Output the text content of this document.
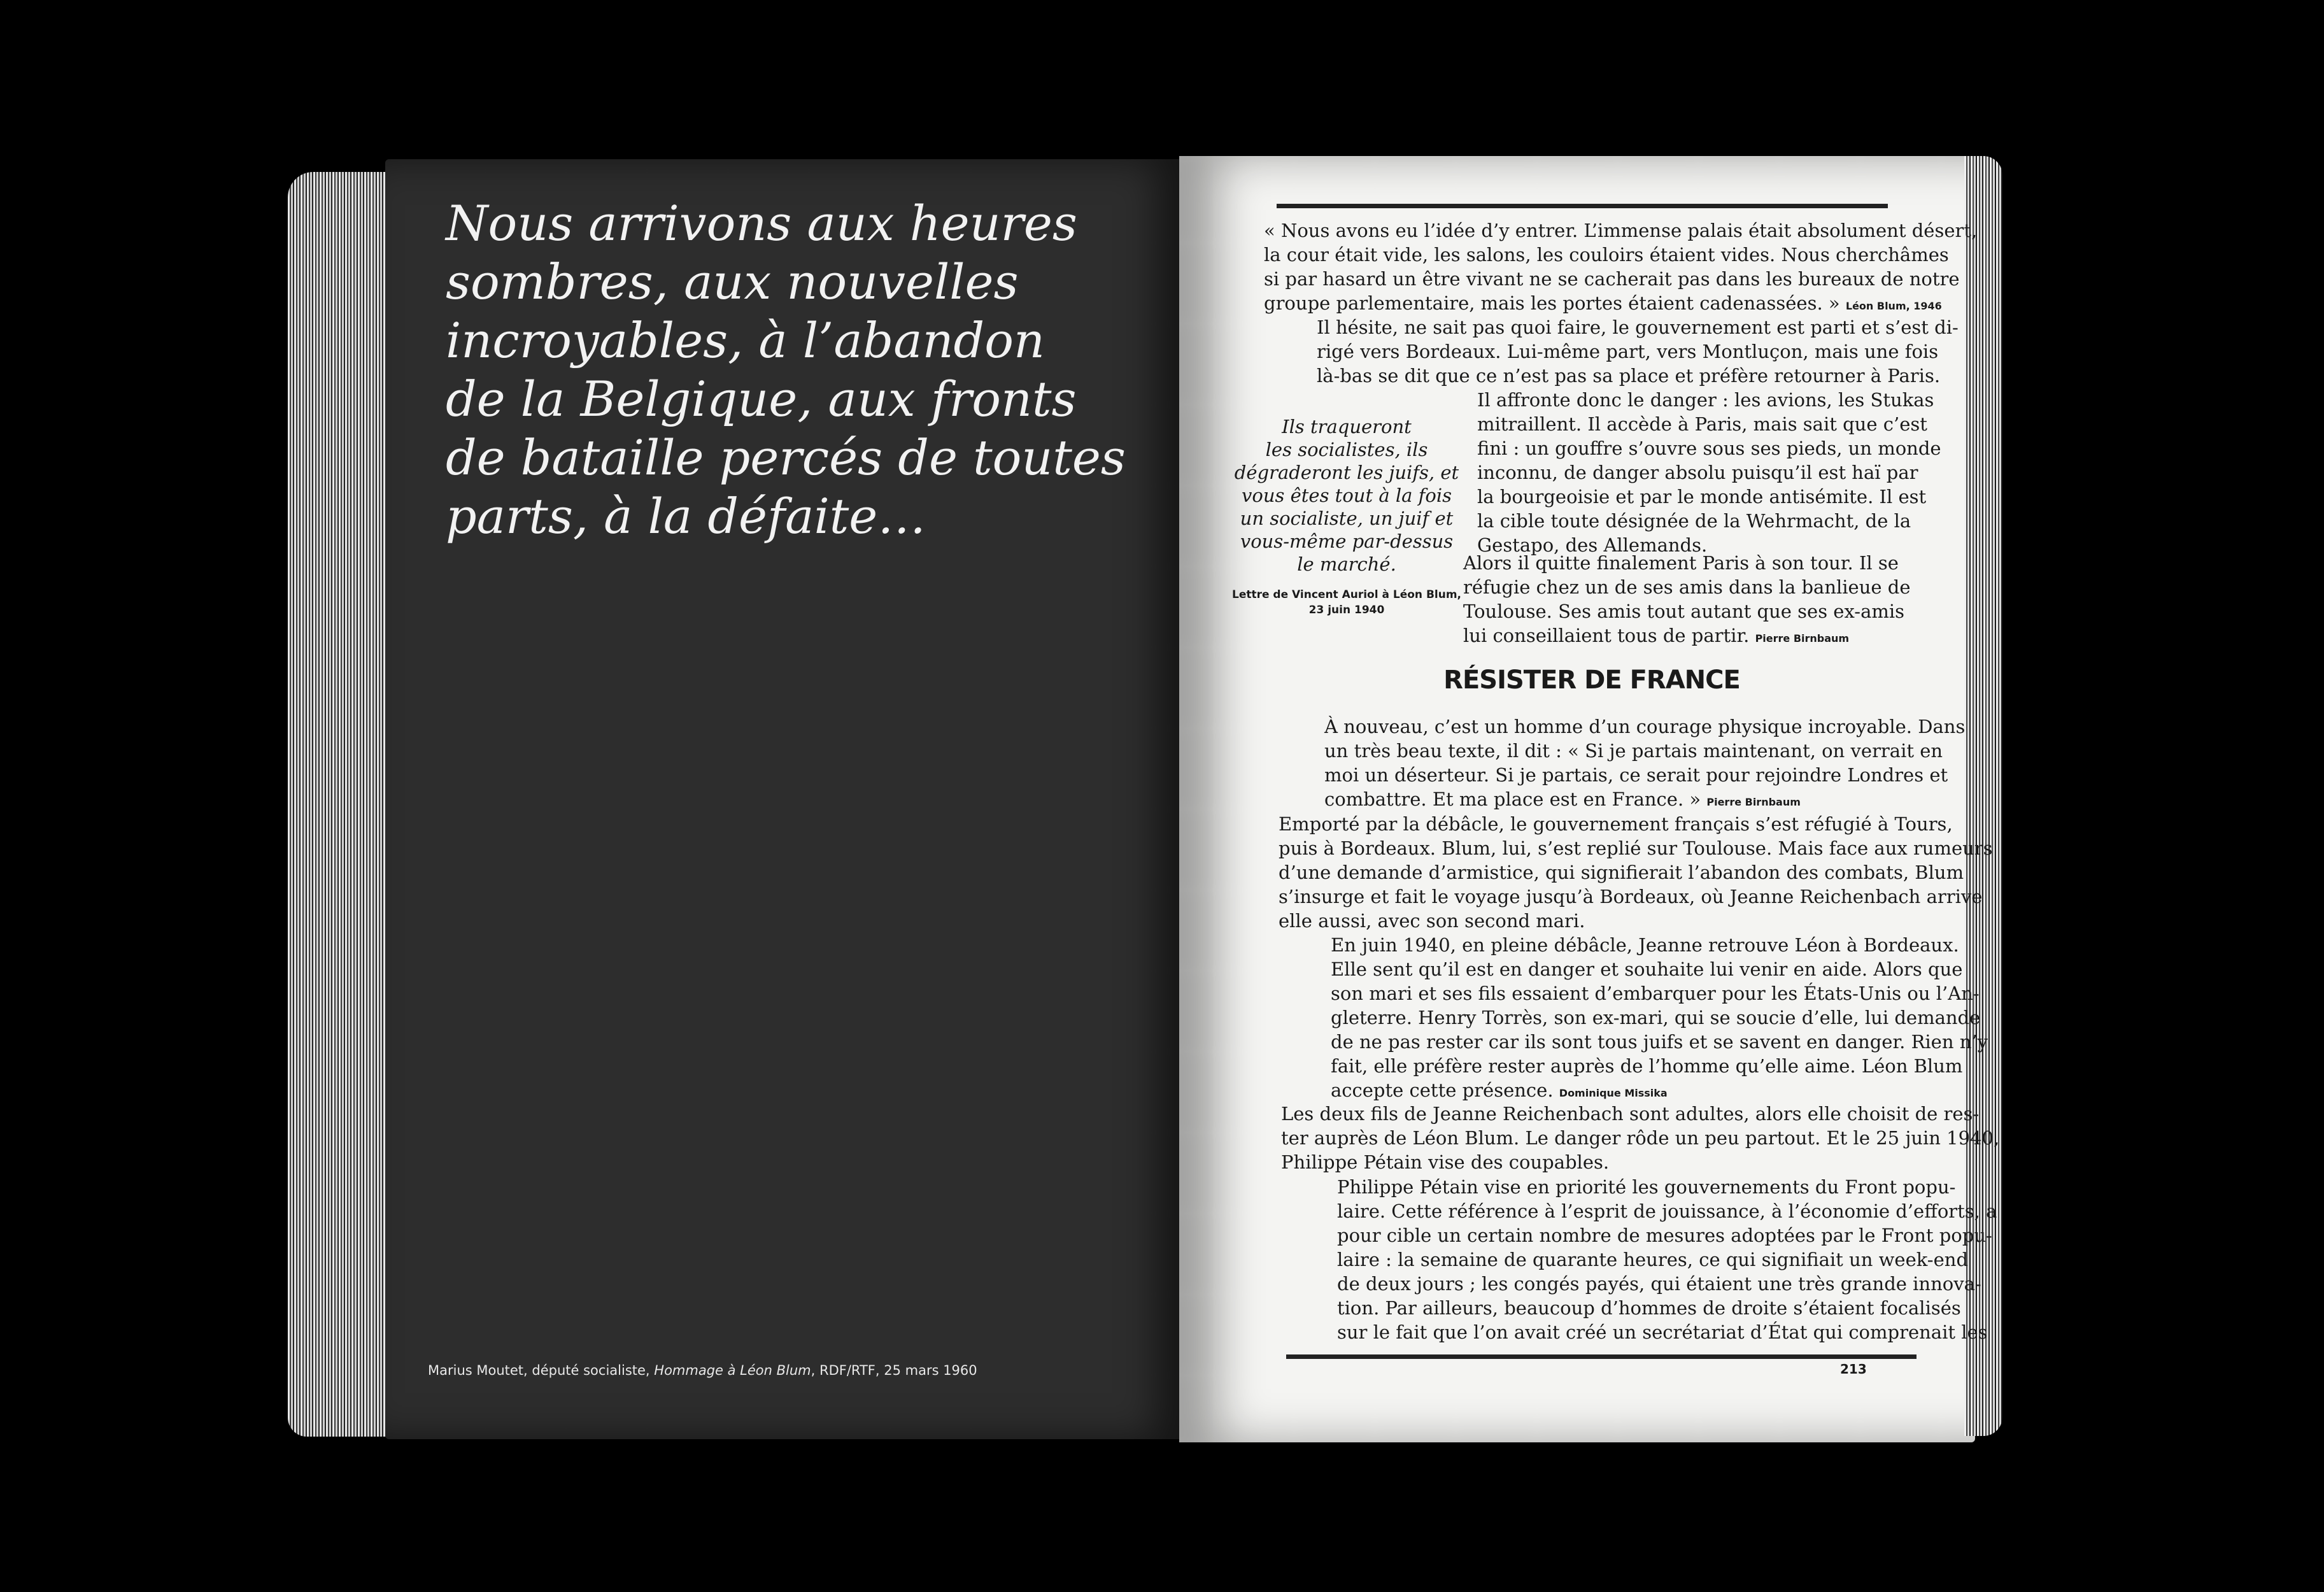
Nous arrivons aux heures

sombres, aux nouvelles

incroyables, à l’abandon

de la Belgique, aux fronts

de bataille percés de toutes

parts, à la défaite…

Marius Moutet, député socialiste, Hommage à Léon Blum, RDF/RTF, 25 mars 1960

« Nous avons eu l’idée d’y entrer. L’immense palais était absolument désert,

la cour était vide, les salons, les couloirs étaient vides. Nous cherchâmes

si par hasard un être vivant ne se cacherait pas dans les bureaux de notre

groupe parlementaire, mais les portes étaient cadenassées. » Léon Blum, 1946

Il hésite, ne sait pas quoi faire, le gouvernement est parti et s’est di-

rigé vers Bordeaux. Lui-même part, vers Montluçon, mais une fois

là-bas se dit que ce n’est pas sa place et préfère retourner à Paris.

Ils traqueront

les socialistes, ils

dégraderont les juifs, et

vous êtes tout à la fois

un socialiste, un juif et

vous-même par-dessus

le marché.

Lettre de Vincent Auriol à Léon Blum,

23 juin 1940

Il affronte donc le danger : les avions, les Stukas

mitraillent. Il accède à Paris, mais sait que c’est

fini : un gouffre s’ouvre sous ses pieds, un monde

inconnu, de danger absolu puisqu’il est haï par

la bourgeoisie et par le monde antisémite. Il est

la cible toute désignée de la Wehrmacht, de la

Gestapo, des Allemands.

Alors il quitte finalement Paris à son tour. Il se

réfugie chez un de ses amis dans la banlieue de

Toulouse. Ses amis tout autant que ses ex-amis

lui conseillaient tous de partir. Pierre Birnbaum

RÉSISTER DE FRANCE

À nouveau, c’est un homme d’un courage physique incroyable. Dans

un très beau texte, il dit : « Si je partais maintenant, on verrait en

moi un déserteur. Si je partais, ce serait pour rejoindre Londres et

combattre. Et ma place est en France. » Pierre Birnbaum

Emporté par la débâcle, le gouvernement français s’est réfugié à Tours,

puis à Bordeaux. Blum, lui, s’est replié sur Toulouse. Mais face aux rumeurs

d’une demande d’armistice, qui signifierait l’abandon des combats, Blum

s’insurge et fait le voyage jusqu’à Bordeaux, où Jeanne Reichenbach arrive

elle aussi, avec son second mari.

En juin 1940, en pleine débâcle, Jeanne retrouve Léon à Bordeaux.

Elle sent qu’il est en danger et souhaite lui venir en aide. Alors que

son mari et ses fils essaient d’embarquer pour les États-Unis ou l’An-

gleterre. Henry Torrès, son ex-mari, qui se soucie d’elle, lui demande

de ne pas rester car ils sont tous juifs et se savent en danger. Rien n’y

fait, elle préfère rester auprès de l’homme qu’elle aime. Léon Blum

accepte cette présence. Dominique Missika

Les deux fils de Jeanne Reichenbach sont adultes, alors elle choisit de res-

ter auprès de Léon Blum. Le danger rôde un peu partout. Et le 25 juin 1940,

Philippe Pétain vise des coupables.

Philippe Pétain vise en priorité les gouvernements du Front popu-

laire. Cette référence à l’esprit de jouissance, à l’économie d’efforts, a

pour cible un certain nombre de mesures adoptées par le Front popu-

laire : la semaine de quarante heures, ce qui signifiait un week-end

de deux jours ; les congés payés, qui étaient une très grande innova-

tion. Par ailleurs, beaucoup d’hommes de droite s’étaient focalisés

sur le fait que l’on avait créé un secrétariat d’État qui comprenait les

213
